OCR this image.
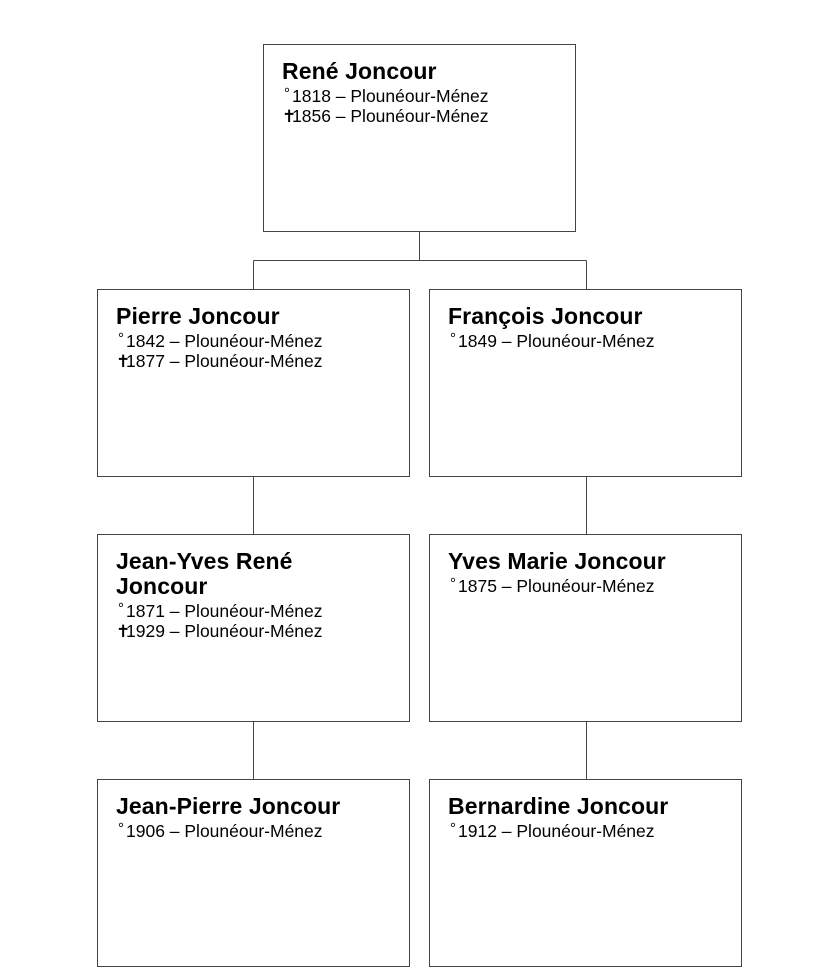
René Joncour
° 1818 – Plounéour-Ménez
✝1856 – Plounéour-Ménez
Pierre Joncour
° 1842 – Plounéour-Ménez
✝1877 – Plounéour-Ménez
François Joncour
° 1849 – Plounéour-Ménez
Jean-Yves René Joncour
° 1871 – Plounéour-Ménez
✝1929 – Plounéour-Ménez
Yves Marie Joncour
° 1875 – Plounéour-Ménez
Jean-Pierre Joncour
° 1906 – Plounéour-Ménez
Bernardine Joncour
° 1912 – Plounéour-Ménez
